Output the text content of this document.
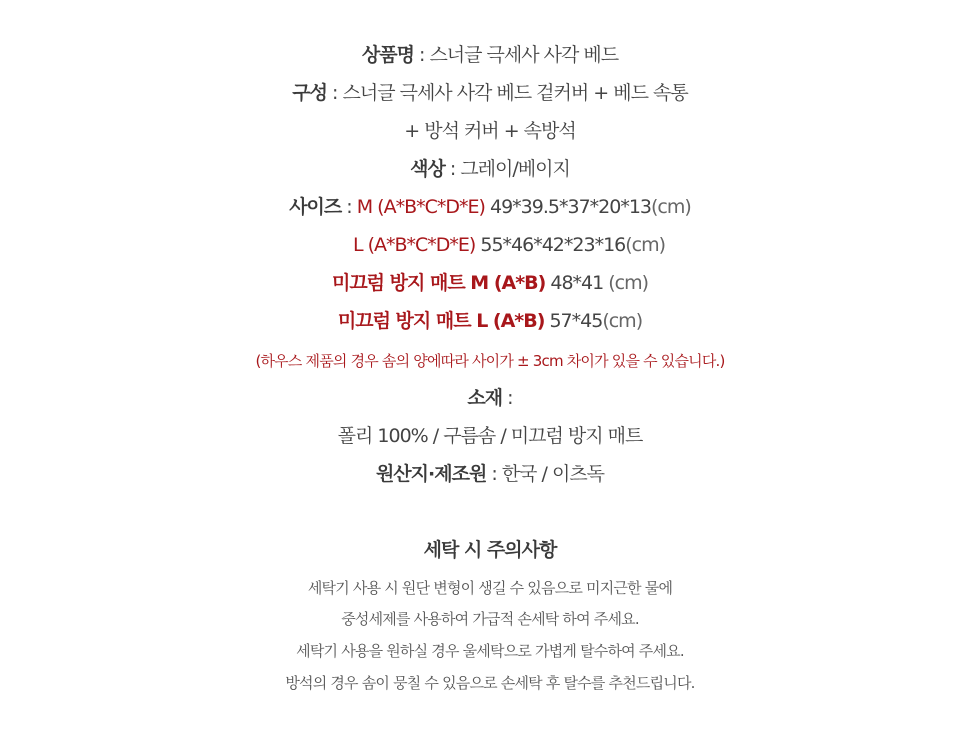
상품명 : 스너글 극세사 사각 베드
구성 : 스너글 극세사 사각 베드 겉커버 + 베드 속통
+ 방석 커버 + 속방석
색상 : 그레이/베이지
사이즈 : M (A*B*C*D*E) 49*39.5*37*20*13(cm)
L (A*B*C*D*E) 55*46*42*23*16(cm)
미끄럼 방지 매트 M (A*B) 48*41 (cm)
미끄럼 방지 매트 L (A*B) 57*45(cm)
(하우스 제품의 경우 솜의 양에따라 사이가 ± 3cm 차이가 있을 수 있습니다.)
소재 :
폴리 100% / 구름솜 / 미끄럼 방지 매트
원산지·제조원 : 한국 / 이츠독
세탁 시 주의사항
세탁기 사용 시 원단 변형이 생길 수 있음으로 미지근한 물에
중성세제를 사용하여 가급적 손세탁 하여 주세요.
세탁기 사용을 원하실 경우 울세탁으로 가볍게 탈수하여 주세요.
방석의 경우 솜이 뭉칠 수 있음으로 손세탁 후 탈수를 추천드립니다.
